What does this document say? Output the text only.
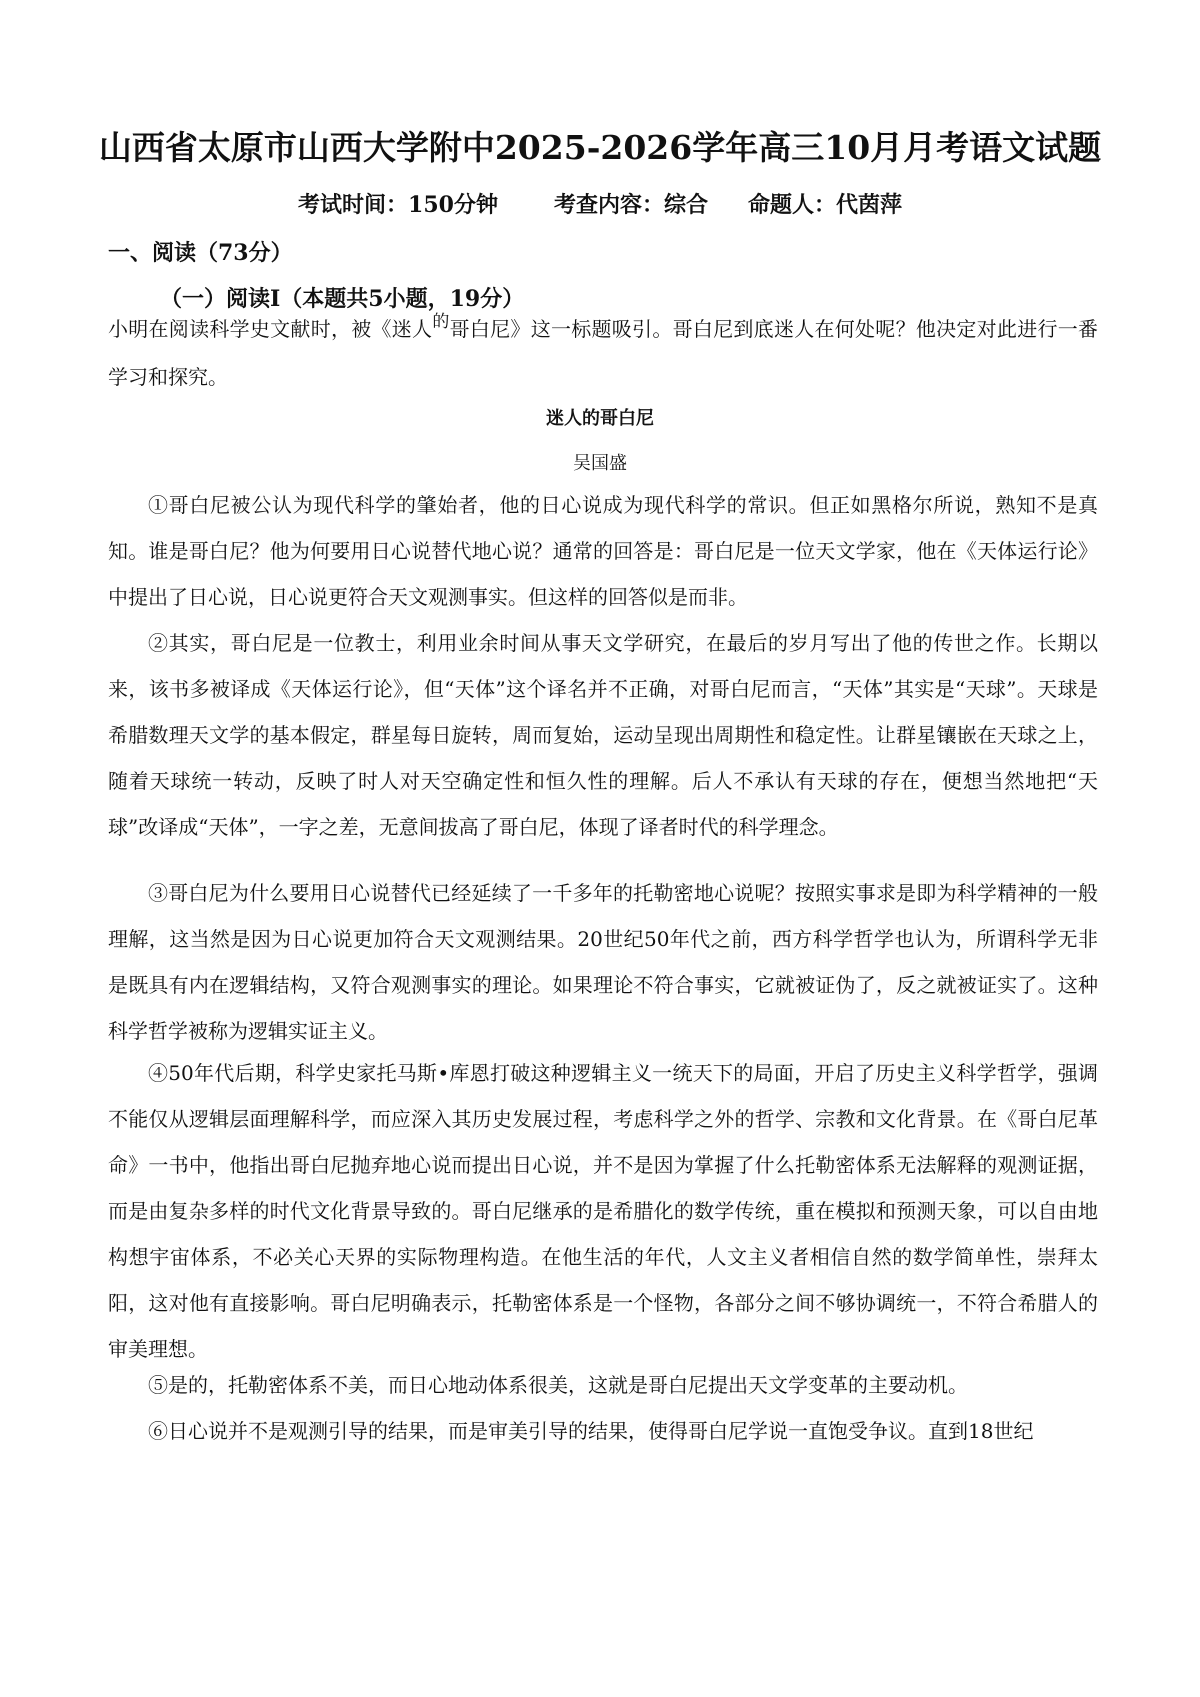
山西省太原市山西大学附中2025-2026学年高三10月月考语文试题
考试时间：150分钟	考查内容：综合 命题人：代茵萍
一、阅读（73分）
（一）阅读Ⅰ（本题共5小题，19分）

小明在阅读科学史文献时，被《迷人$^的$哥白尼》这一标题吸引。哥白尼到底迷人在何处呢？他决定对此进行一番学习和探究。

迷人的哥白尼
吴国盛

①哥白尼被公认为现代科学的肇始者，他的日心说成为现代科学的常识。但正如黑格尔所说，熟知不是真知。谁是哥白尼？他为何要用日心说替代地心说？通常的回答是：哥白尼是一位天文学家，他在《天体运行论》中提出了日心说，日心说更符合天文观测事实。但这样的回答似是而非。

②其实，哥白尼是一位教士，利用业余时间从事天文学研究，在最后的岁月写出了他的传世之作。长期以来，该书多被译成《天体运行论》，但“天体”这个译名并不正确，对哥白尼而言，“天体”其实是“天球”。天球是希腊数理天文学的基本假定，群星每日旋转，周而复始，运动呈现出周期性和稳定性。让群星镶嵌在天球之上，随着天球统一转动，反映了时人对天空确定性和恒久性的理解。后人不承认有天球的存在，便想当然地把“天球”改译成“天体”，一字之差，无意间拔高了哥白尼，体现了译者时代的科学理念。

③哥白尼为什么要用日心说替代已经延续了一千多年的托勒密地心说呢？按照实事求是即为科学精神的一般理解，这当然是因为日心说更加符合天文观测结果。20世纪50年代之前，西方科学哲学也认为，所谓科学无非是既具有内在逻辑结构，又符合观测事实的理论。如果理论不符合事实，它就被证伪了，反之就被证实了。这种科学哲学被称为逻辑实证主义。

④50年代后期，科学史家托马斯•库恩打破这种逻辑主义一统天下的局面，开启了历史主义科学哲学，强调不能仅从逻辑层面理解科学，而应深入其历史发展过程，考虑科学之外的哲学、宗教和文化背景。在《哥白尼革命》一书中，他指出哥白尼抛弃地心说而提出日心说，并不是因为掌握了什么托勒密体系无法解释的观测证据，而是由复杂多样的时代文化背景导致的。哥白尼继承的是希腊化的数学传统，重在模拟和预测天象，可以自由地构想宇宙体系，不必关心天界的实际物理构造。在他生活的年代，人文主义者相信自然的数学简单性，崇拜太阳，这对他有直接影响。哥白尼明确表示，托勒密体系是一个怪物，各部分之间不够协调统一，不符合希腊人的审美理想。

⑤是的，托勒密体系不美，而日心地动体系很美，这就是哥白尼提出天文学变革的主要动机。

⑥日心说并不是观测引导的结果，而是审美引导的结果，使得哥白尼学说一直饱受争议。直到18世纪
